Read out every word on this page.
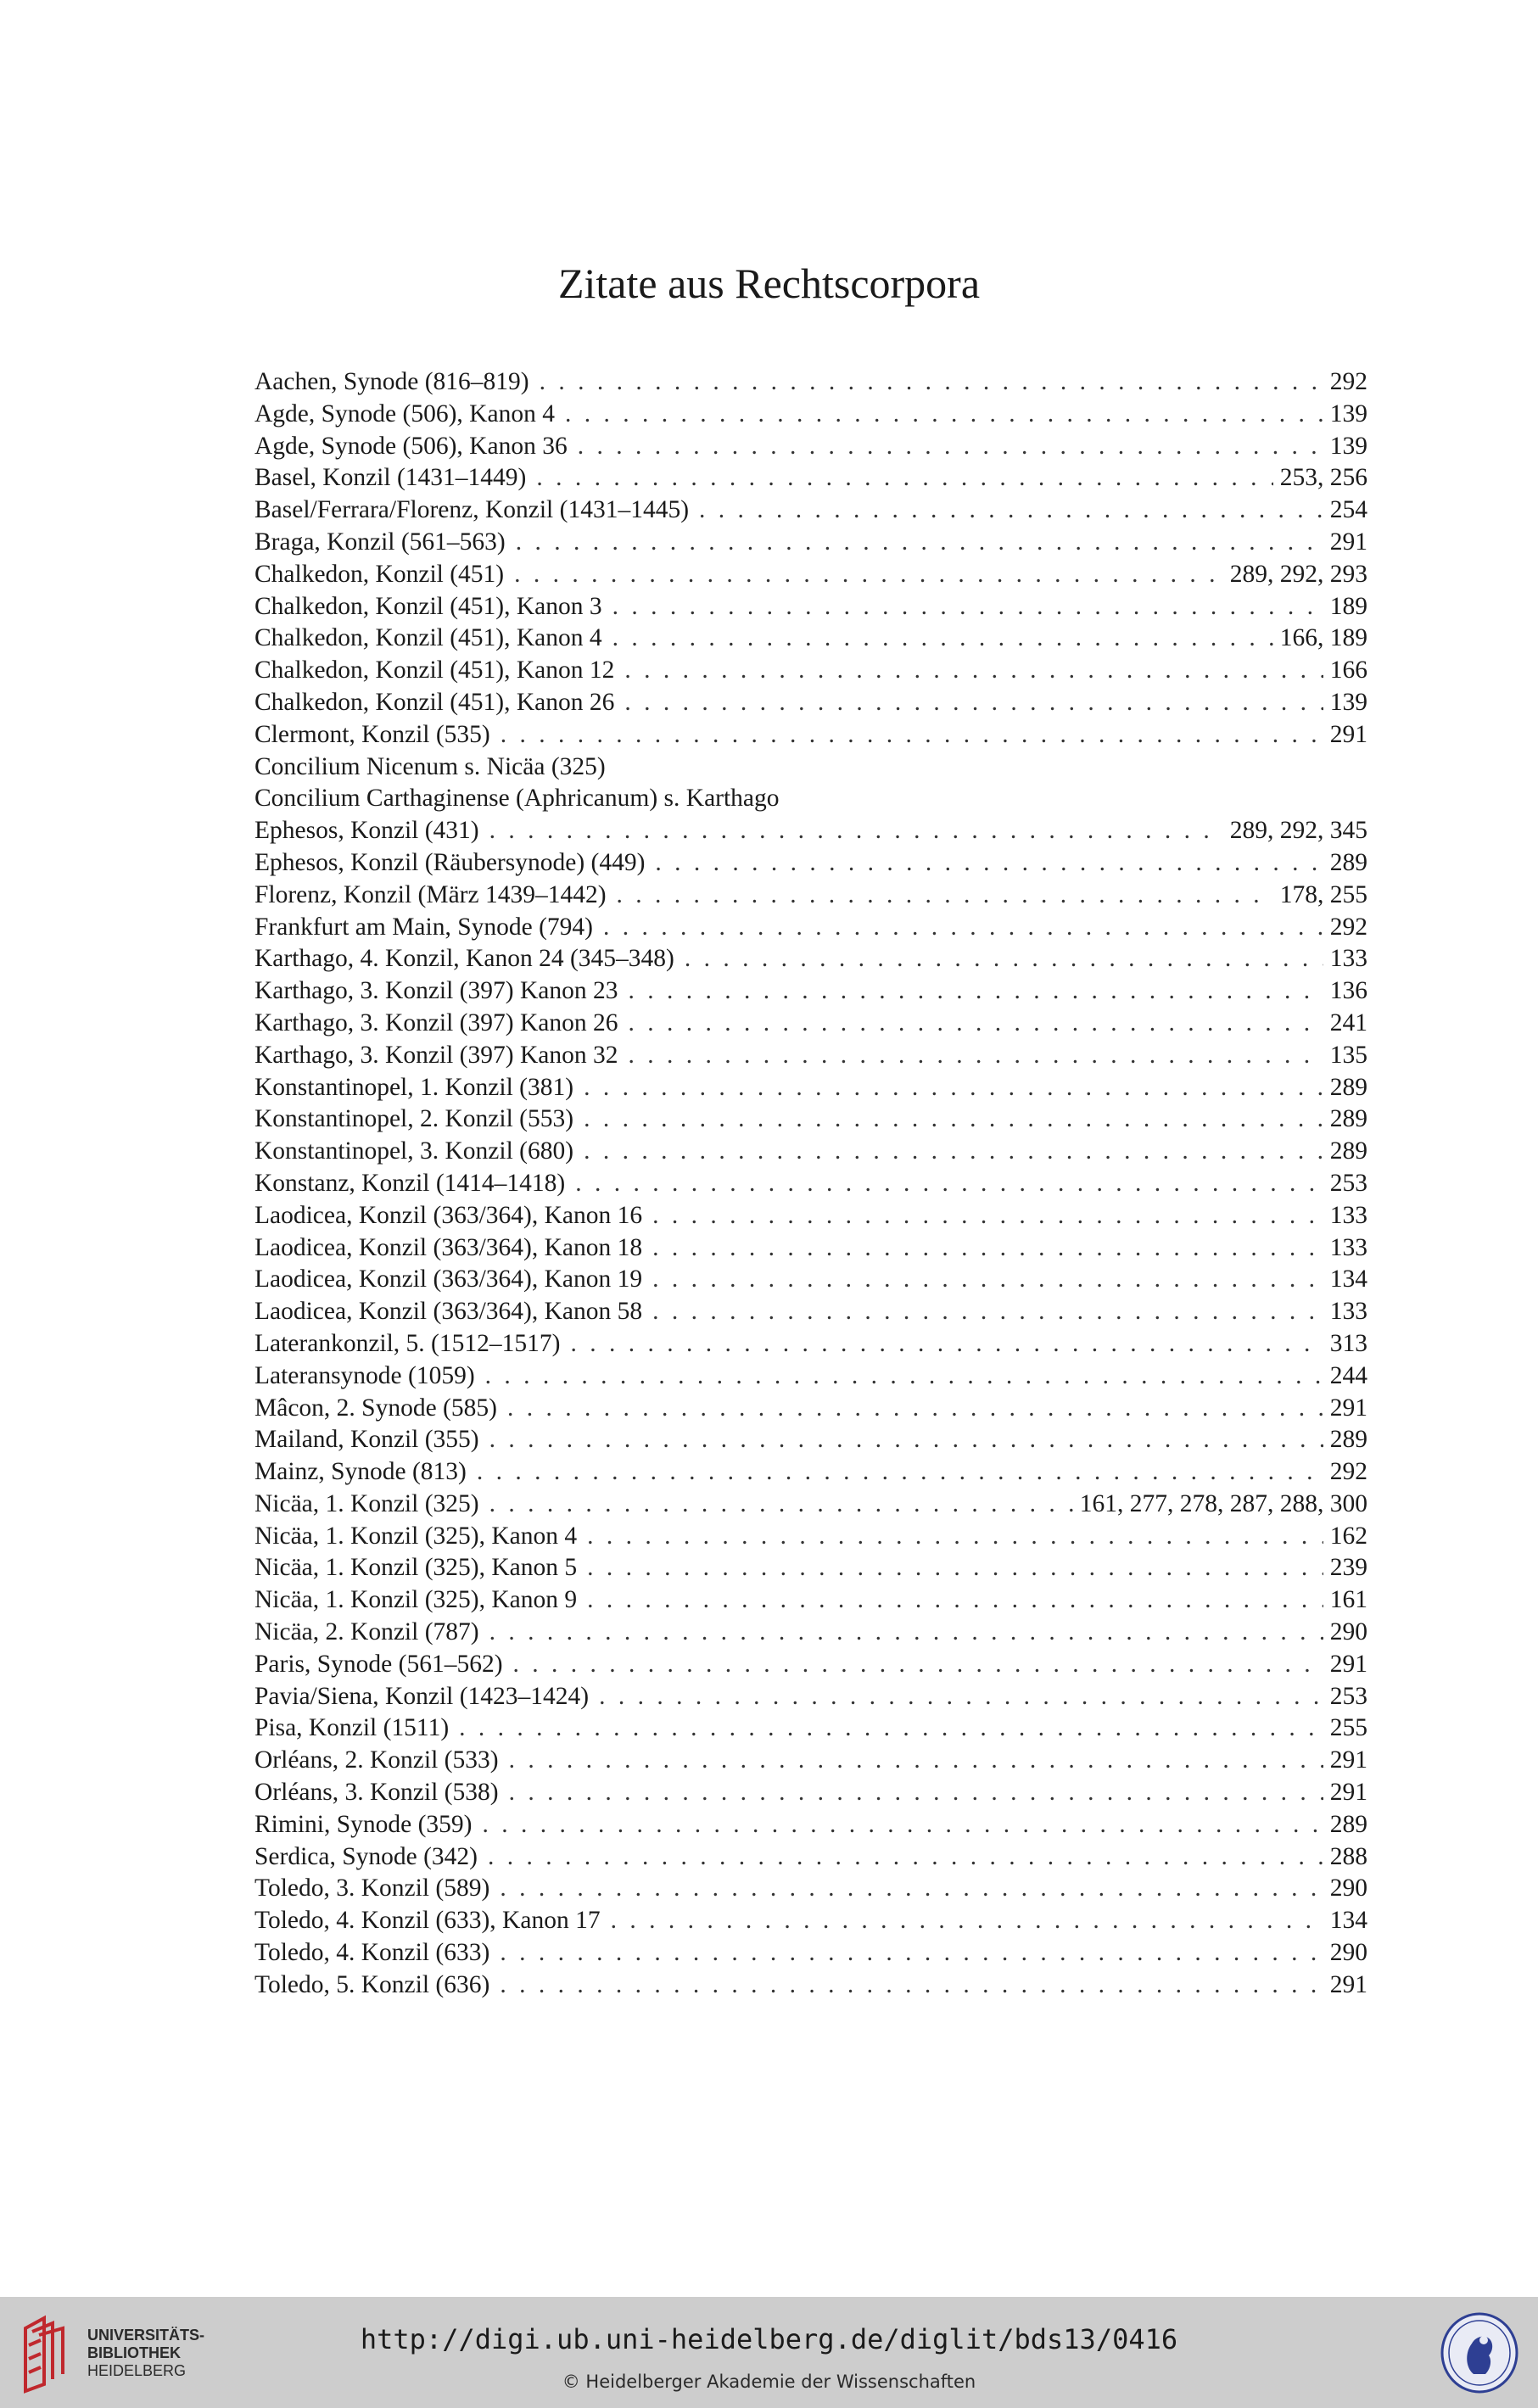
Zitate aus Rechtscorpora
Aachen, Synode (816–819) . . .	292
Agde, Synode (506), Kanon 4 . . .	139
Agde, Synode (506), Kanon 36 . . .	139
Basel, Konzil (1431–1449) . . .	253, 256
Basel/Ferrara/Florenz, Konzil (1431–1445) . . .	254
Braga, Konzil (561–563) . . .	291
Chalkedon, Konzil (451) . . .	289, 292, 293
Chalkedon, Konzil (451), Kanon 3 . . .	189
Chalkedon, Konzil (451), Kanon 4 . . .	166, 189
Chalkedon, Konzil (451), Kanon 12 . . .	166
Chalkedon, Konzil (451), Kanon 26 . . .	139
Clermont, Konzil (535) . . .	291
Concilium Nicenum s. Nicäa (325)
Concilium Carthaginense (Aphricanum) s. Karthago
Ephesos, Konzil (431) . . .	289, 292, 345
Ephesos, Konzil (Räubersynode) (449) . . .	289
Florenz, Konzil (März 1439–1442) . . .	178, 255
Frankfurt am Main, Synode (794) . . .	292
Karthago, 4. Konzil, Kanon 24 (345–348) . . .	133
Karthago, 3. Konzil (397) Kanon 23 . . .	136
Karthago, 3. Konzil (397) Kanon 26 . . .	241
Karthago, 3. Konzil (397) Kanon 32 . . .	135
Konstantinopel, 1. Konzil (381) . . .	289
Konstantinopel, 2. Konzil (553) . . .	289
Konstantinopel, 3. Konzil (680) . . .	289
Konstanz, Konzil (1414–1418) . . .	253
Laodicea, Konzil (363/364), Kanon 16 . . .	133
Laodicea, Konzil (363/364), Kanon 18 . . .	133
Laodicea, Konzil (363/364), Kanon 19 . . .	134
Laodicea, Konzil (363/364), Kanon 58 . . .	133
Laterankonzil, 5. (1512–1517) . . .	313
Lateransynode (1059) . . .	244
Mâcon, 2. Synode (585) . . .	291
Mailand, Konzil (355) . . .	289
Mainz, Synode (813) . . .	292
Nicäa, 1. Konzil (325) . . .	161, 277, 278, 287, 288, 300
Nicäa, 1. Konzil (325), Kanon 4 . . .	162
Nicäa, 1. Konzil (325), Kanon 5 . . .	239
Nicäa, 1. Konzil (325), Kanon 9 . . .	161
Nicäa, 2. Konzil (787) . . .	290
Paris, Synode (561–562) . . .	291
Pavia/Siena, Konzil (1423–1424) . . .	253
Pisa, Konzil (1511) . . .	255
Orléans, 2. Konzil (533) . . .	291
Orléans, 3. Konzil (538) . . .	291
Rimini, Synode (359) . . .	289
Serdica, Synode (342) . . .	288
Toledo, 3. Konzil (589) . . .	290
Toledo, 4. Konzil (633), Kanon 17 . . .	134
Toledo, 4. Konzil (633) . . .	290
Toledo, 5. Konzil (636) . . .	291
UNIVERSITÄTS-
BIBLIOTHEK
HEIDELBERG
http://digi.ub.uni-heidelberg.de/diglit/bds13/0416
© Heidelberger Akademie der Wissenschaften
